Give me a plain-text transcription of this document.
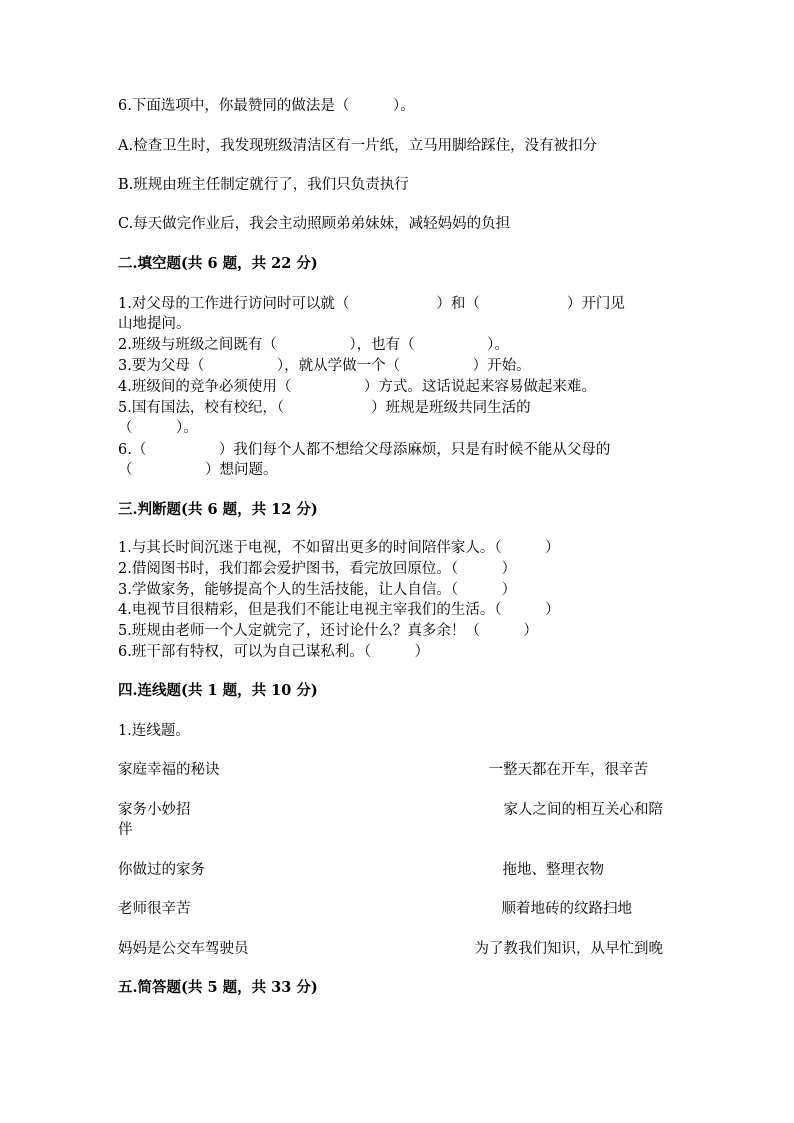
6.下面选项中，你最赞同的做法是（　　　）。
A.检查卫生时，我发现班级清洁区有一片纸，立马用脚给踩住，没有被扣分
B.班规由班主任制定就行了，我们只负责执行
C.每天做完作业后，我会主动照顾弟弟妹妹，减轻妈妈的负担
二.填空题(共 6 题，共 22 分)
1.对父母的工作进行访问时可以就（　　　　　　）和（　　　　　　）开门见
山地提问。
2.班级与班级之间既有（　　　　　），也有（　　　　　）。
3.要为父母（　　　　　），就从学做一个（　　　　　）开始。
4.班级间的竞争必须使用（　　　　　）方式。这话说起来容易做起来难。
5.国有国法，校有校纪，（　　　　　　）班规是班级共同生活的
（　　　）。
6.（　　　　　）我们每个人都不想给父母添麻烦，只是有时候不能从父母的
（　　　　　）想问题。
三.判断题(共 6 题，共 12 分)
1.与其长时间沉迷于电视，不如留出更多的时间陪伴家人。（　　　）
2.借阅图书时，我们都会爱护图书，看完放回原位。（　　　）
3.学做家务，能够提高个人的生活技能，让人自信。（　　　）
4.电视节目很精彩，但是我们不能让电视主宰我们的生活。（　　　）
5.班规由老师一个人定就完了，还讨论什么？真多余！（　　　）
6.班干部有特权，可以为自己谋私利。（　　　）
四.连线题(共 1 题，共 10 分)
1.连线题。
家庭幸福的秘诀	一整天都在开车，很辛苦
家务小妙招	家人之间的相互关心和陪
伴
你做过的家务	拖地、整理衣物
老师很辛苦	顺着地砖的纹路扫地
妈妈是公交车驾驶员	为了教我们知识，从早忙到晚
五.简答题(共 5 题，共 33 分)
